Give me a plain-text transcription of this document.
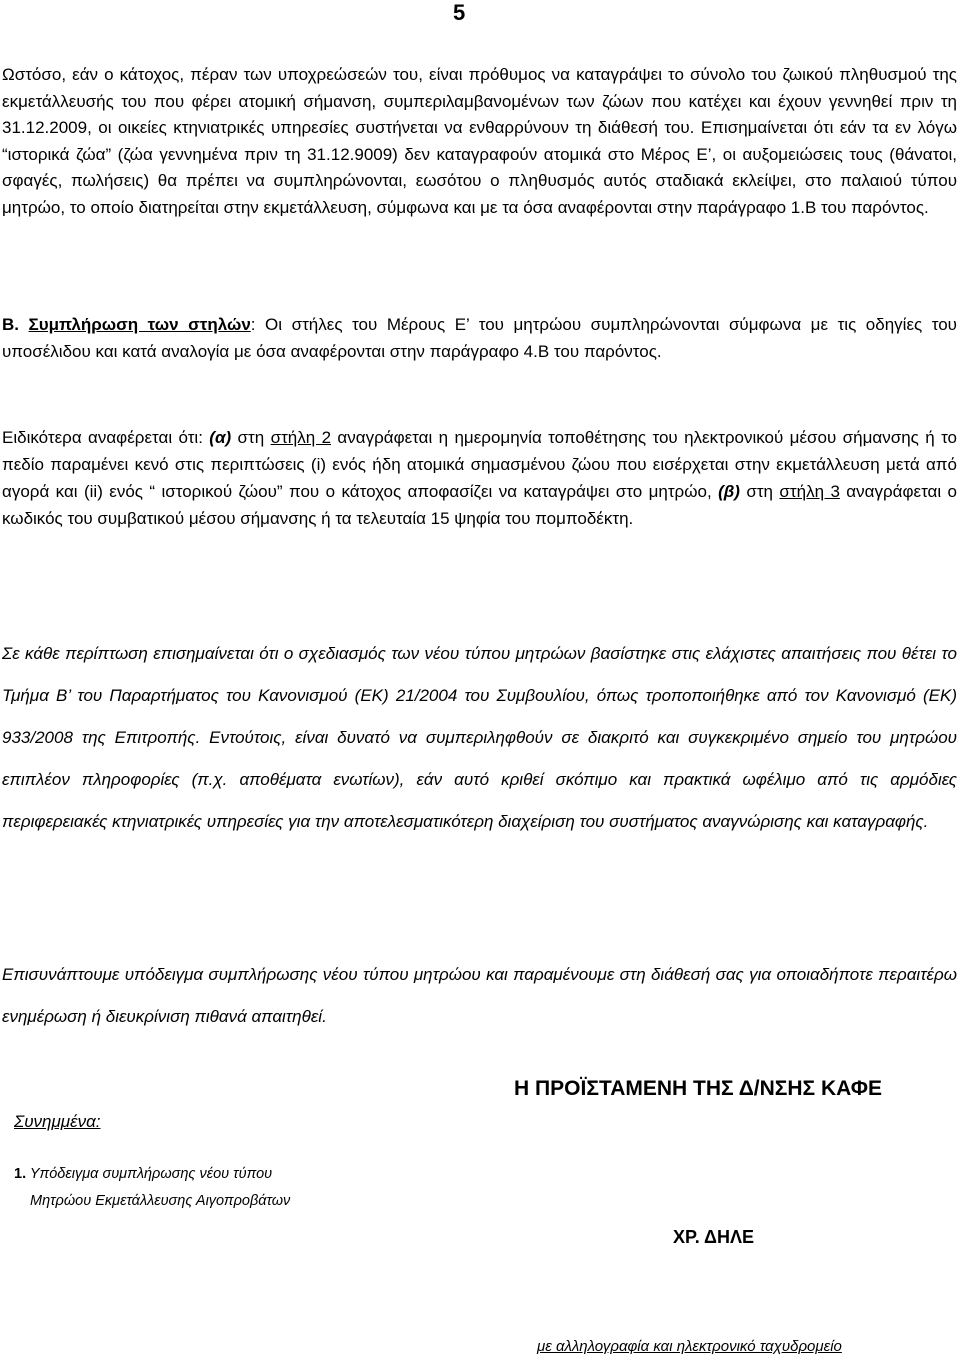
5

Ωστόσο, εάν ο κάτοχος, πέραν των υποχρεώσεών του, είναι πρόθυμος να καταγράψει το σύνολο του ζωικού πληθυσμού της εκμετάλλευσής του που φέρει ατομική σήμανση, συμπεριλαμβανομένων των ζώων που κατέχει και έχουν γεννηθεί πριν τη 31.12.2009, οι οικείες κτηνιατρικές υπηρεσίες συστήνεται να ενθαρρύνουν τη διάθεσή του. Επισημαίνεται ότι εάν τα εν λόγω “ιστορικά ζώα” (ζώα γεννημένα πριν τη 31.12.9009) δεν καταγραφούν ατομικά στο Μέρος Ε’, οι αυξομειώσεις τους (θάνατοι, σφαγές, πωλήσεις) θα πρέπει να συμπληρώνονται, εωσότου ο πληθυσμός αυτός σταδιακά εκλείψει, στο παλαιού τύπου μητρώο, το οποίο διατηρείται στην εκμετάλλευση, σύμφωνα και με τα όσα αναφέρονται στην παράγραφο 1.Β του παρόντος.

Β. Συμπλήρωση των στηλών: Οι στήλες του Μέρους Ε’ του μητρώου συμπληρώνονται σύμφωνα με τις οδηγίες του υποσέλιδου και κατά αναλογία με όσα αναφέρονται στην παράγραφο 4.Β του παρόντος.

Ειδικότερα αναφέρεται ότι: (α) στη στήλη 2 αναγράφεται η ημερομηνία τοποθέτησης του ηλεκτρονικού μέσου σήμανσης ή το πεδίο παραμένει κενό στις περιπτώσεις (i) ενός ήδη ατομικά σημασμένου ζώου που εισέρχεται στην εκμετάλλευση μετά από αγορά και (ii) ενός “ ιστορικού ζώου” που ο κάτοχος αποφασίζει να καταγράψει στο μητρώο, (β) στη στήλη 3 αναγράφεται ο κωδικός του συμβατικού μέσου σήμανσης ή τα τελευταία 15 ψηφία του πομποδέκτη.

Σε κάθε περίπτωση επισημαίνεται ότι ο σχεδιασμός των νέου τύπου μητρώων βασίστηκε στις ελάχιστες απαιτήσεις που θέτει το Τμήμα Β’ του Παραρτήματος του Κανονισμού (ΕΚ) 21/2004 του Συμβουλίου, όπως τροποποιήθηκε από τον Κανονισμό (ΕΚ) 933/2008 της Επιτροπής. Εντούτοις, είναι δυνατό να συμπεριληφθούν σε διακριτό και συγκεκριμένο σημείο του μητρώου επιπλέον πληροφορίες (π.χ. αποθέματα ενωτίων), εάν αυτό κριθεί σκόπιμο και πρακτικά ωφέλιμο από τις αρμόδιες περιφερειακές κτηνιατρικές υπηρεσίες για την αποτελεσματικότερη διαχείριση του συστήματος αναγνώρισης και καταγραφής.

Επισυνάπτουμε υπόδειγμα συμπλήρωσης νέου τύπου μητρώου και παραμένουμε στη διάθεσή σας για οποιαδήποτε περαιτέρω ενημέρωση ή διευκρίνιση πιθανά απαιτηθεί.

Η ΠΡΟΪΣΤΑΜΕΝΗ ΤΗΣ Δ/ΝΣΗΣ ΚΑΦΕ
Συνημμένα:
1. Υπόδειγμα συμπλήρωσης νέου τύπου
Μητρώου Εκμετάλλευσης Αιγοπροβάτων
ΧΡ. ΔΗΛΕ
με αλληλογραφία και ηλεκτρονικό ταχυδρομείο
